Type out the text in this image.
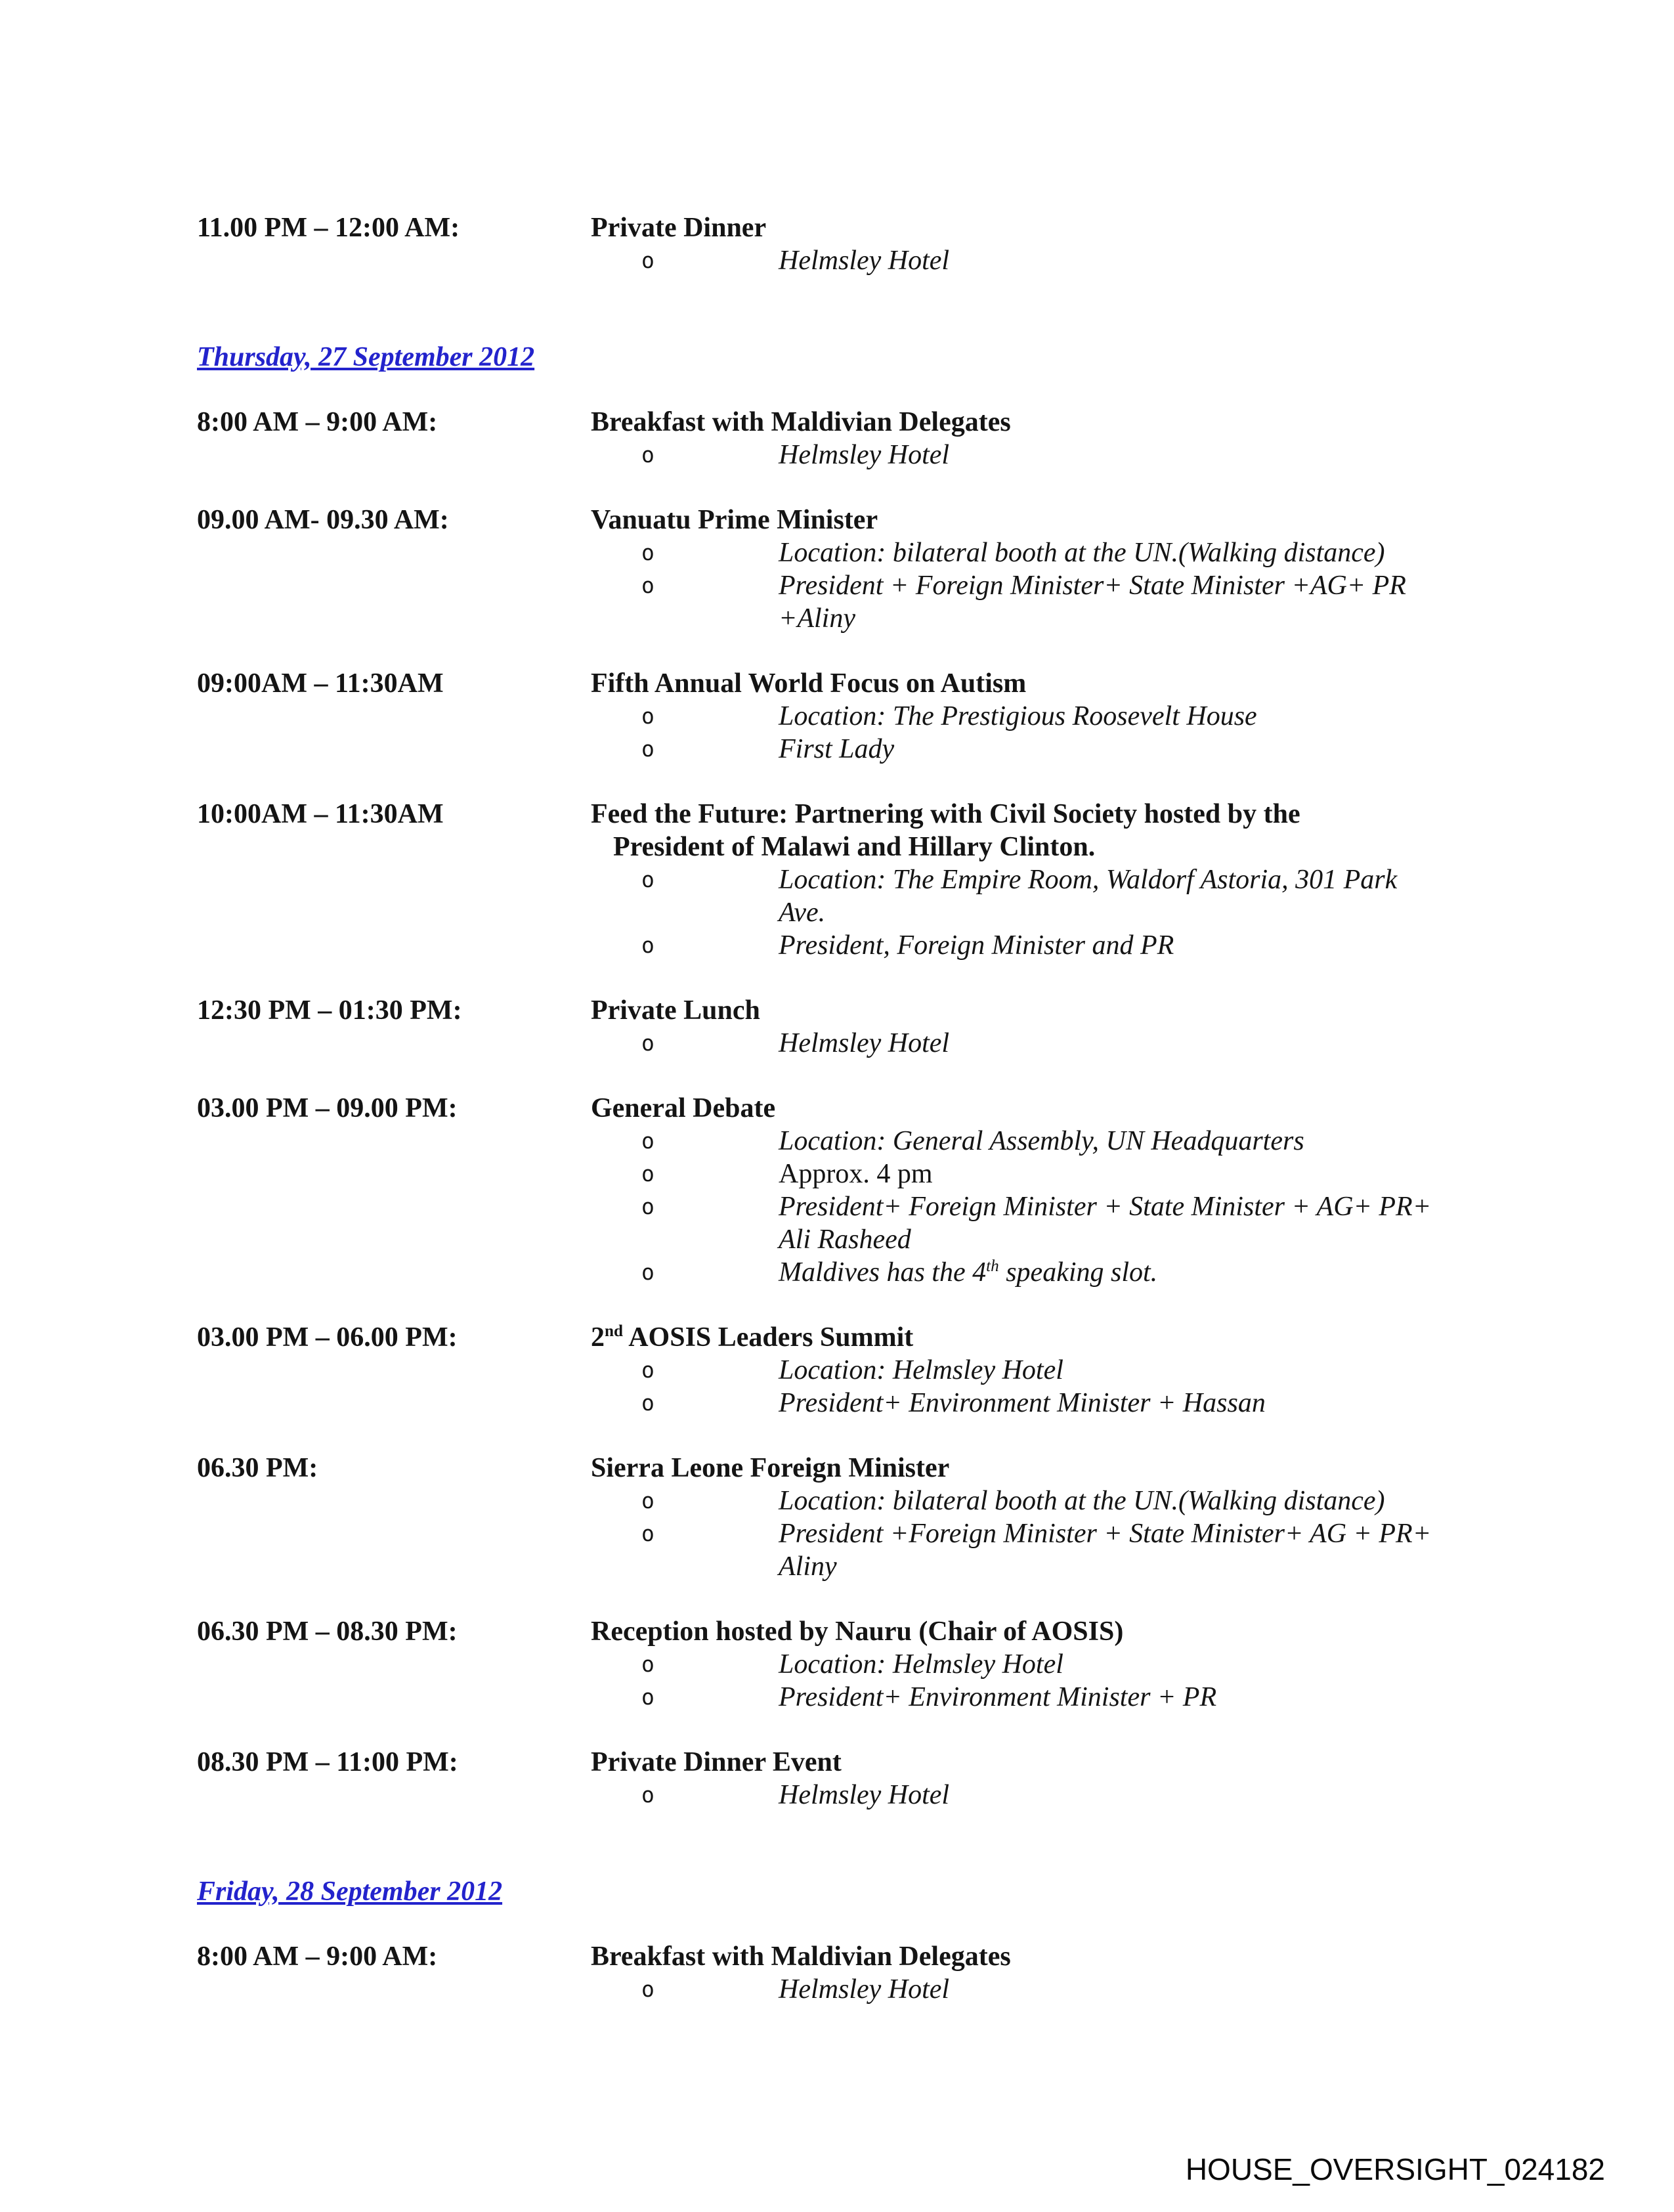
11.00 PM – 12:00 AM:	Private Dinner
o	Helmsley Hotel
Thursday, 27 September 2012
8:00 AM – 9:00 AM:	Breakfast with Maldivian Delegates
o	Helmsley Hotel
09.00 AM- 09.30 AM:	Vanuatu Prime Minister
o	Location: bilateral booth at the UN.(Walking distance)
o	President + Foreign Minister+ State Minister +AG+ PR +Aliny
09:00AM – 11:30AM	Fifth Annual World Focus on Autism
o	Location: The Prestigious Roosevelt House
o	First Lady
10:00AM – 11:30AM	Feed the Future: Partnering with Civil Society hosted by the
President of Malawi and Hillary Clinton.
o	Location: The Empire Room, Waldorf Astoria, 301 Park Ave.
o	President, Foreign Minister and PR
12:30 PM – 01:30 PM:	Private Lunch
o	Helmsley Hotel
03.00 PM – 09.00 PM:	General Debate
o	Location: General Assembly, UN Headquarters
o	Approx. 4 pm
o	President+ Foreign Minister + State Minister + AG+ PR+ Ali Rasheed
o	Maldives has the 4th speaking slot.
03.00 PM – 06.00 PM:	2nd AOSIS Leaders Summit
o	Location: Helmsley Hotel
o	President+ Environment Minister + Hassan
06.30 PM:	Sierra Leone Foreign Minister
o	Location: bilateral booth at the UN.(Walking distance)
o	President +Foreign Minister + State Minister+ AG + PR+ Aliny
06.30 PM – 08.30 PM:	Reception hosted by Nauru (Chair of AOSIS)
o	Location: Helmsley Hotel
o	President+ Environment Minister + PR
08.30 PM – 11:00 PM:	Private Dinner Event
o	Helmsley Hotel
Friday, 28 September 2012
8:00 AM – 9:00 AM:	Breakfast with Maldivian Delegates
o	Helmsley Hotel
HOUSE_OVERSIGHT_024182
